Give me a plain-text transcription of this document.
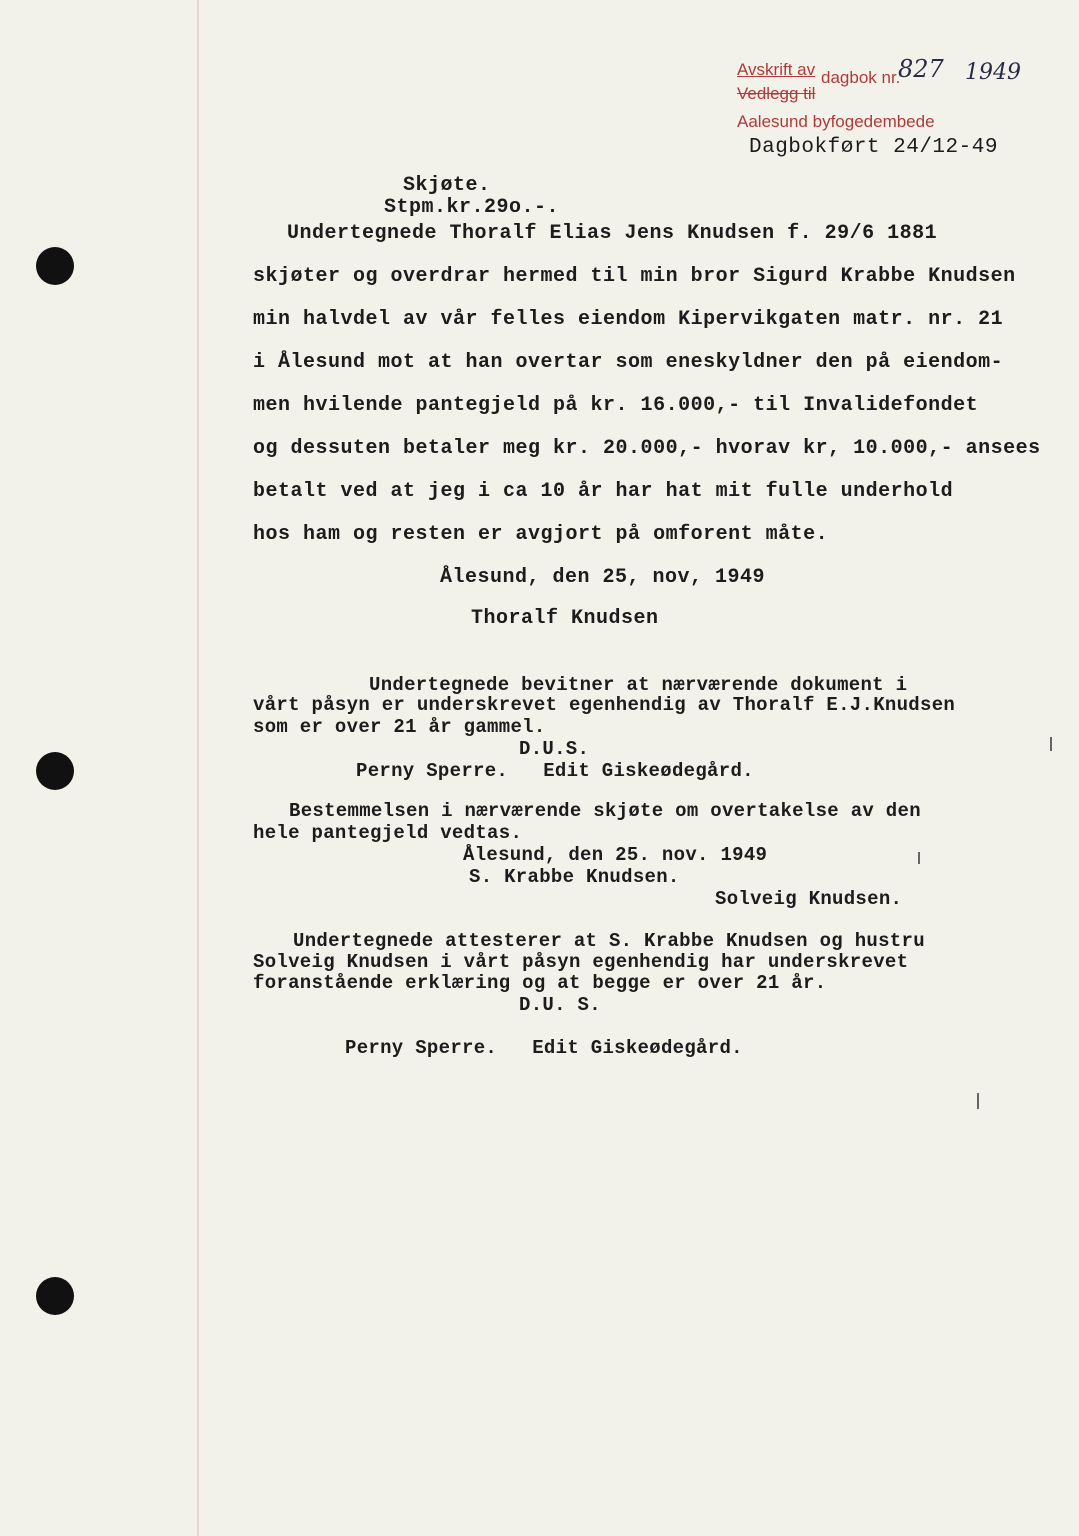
Avskrift av dagbok nr.
Vedlegg til
Aalesund byfogedembede
827 1949
Dagbokført 24/12-49
Skjøte.
Stpm.kr.29o.-.
Undertegnede Thoralf Elias Jens Knudsen f. 29/6 1881
skjøter og overdrar hermed til min bror Sigurd Krabbe Knudsen
min halvdel av vår felles eiendom Kipervikgaten matr. nr. 21
i Ålesund mot at han overtar som eneskyldner den på eiendom-
men hvilende pantegjeld på kr. 16.000,- til Invalidefondet
og dessuten betaler meg kr. 20.000,- hvorav kr, 10.000,- ansees
betalt ved at jeg i ca 10 år har hat mit fulle underhold
hos ham og resten er avgjort på omforent måte.
Ålesund, den 25, nov, 1949
Thoralf Knudsen
Undertegnede bevitner at nærværende dokument i
vårt påsyn er underskrevet egenhendig av Thoralf E.J.Knudsen
som er over 21 år gammel.
D.U.S.
Perny Sperre.   Edit Giskeødegård.
Bestemmelsen i nærværende skjøte om overtakelse av den
hele pantegjeld vedtas.
Ålesund, den 25. nov. 1949
S. Krabbe Knudsen.
Solveig Knudsen.
Undertegnede attesterer at S. Krabbe Knudsen og hustru
Solveig Knudsen i vårt påsyn egenhendig har underskrevet
foranstående erklæring og at begge er over 21 år.
D.U. S.
Perny Sperre.   Edit Giskeødegård.
